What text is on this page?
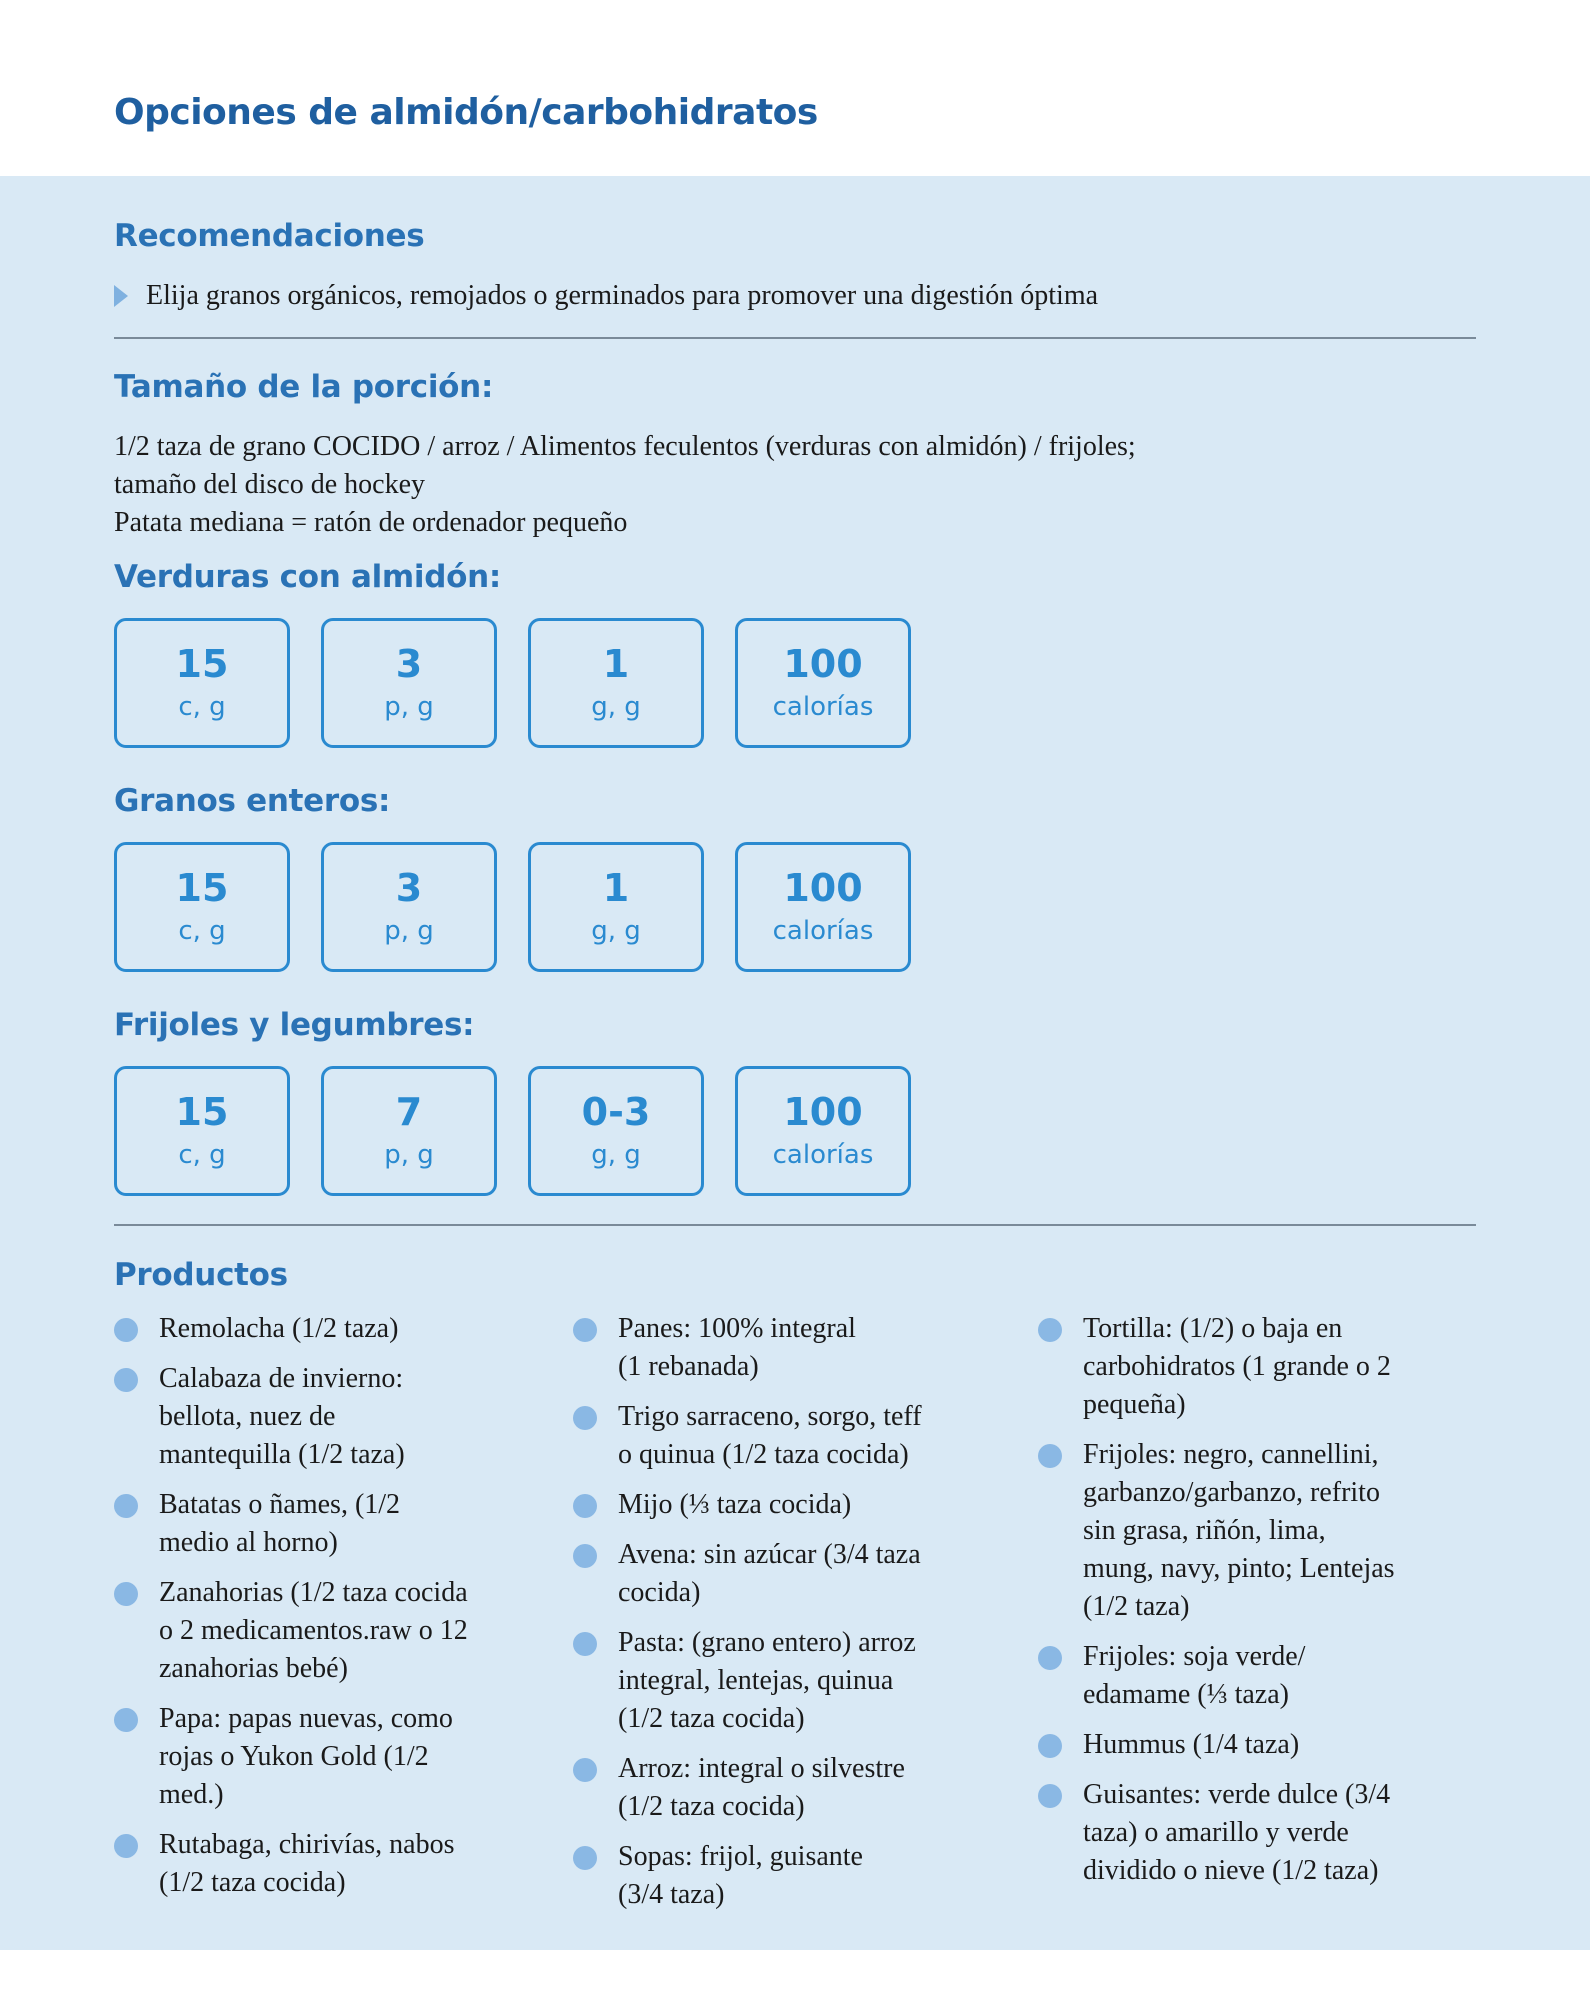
Opciones de almidón/carbohidratos
Recomendaciones
Elija granos orgánicos, remojados o germinados para promover una digestión óptima
Tamaño de la porción:
1/2 taza de grano COCIDO / arroz / Alimentos feculentos (verduras con almidón) / frijoles;
tamaño del disco de hockey
Patata mediana = ratón de ordenador pequeño
Verduras con almidón:
15
c, g
3
p, g
1
g, g
100
calorías
Granos enteros:
15
c, g
3
p, g
1
g, g
100
calorías
Frijoles y legumbres:
15
c, g
7
p, g
0-3
g, g
100
calorías
Productos
Remolacha (1/2 taza)
Calabaza de invierno:
bellota, nuez de
mantequilla (1/2 taza)
Batatas o ñames, (1/2
medio al horno)
Zanahorias (1/2 taza cocida
o 2 medicamentos.raw o 12
zanahorias bebé)
Papa: papas nuevas, como
rojas o Yukon Gold (1/2
med.)
Rutabaga, chirivías, nabos
(1/2 taza cocida)
Panes: 100% integral
(1 rebanada)
Trigo sarraceno, sorgo, teff
o quinua (1/2 taza cocida)
Mijo (⅓ taza cocida)
Avena: sin azúcar (3/4 taza
cocida)
Pasta: (grano entero) arroz
integral, lentejas, quinua
(1/2 taza cocida)
Arroz: integral o silvestre
(1/2 taza cocida)
Sopas: frijol, guisante
(3/4 taza)
Tortilla: (1/2) o baja en
carbohidratos (1 grande o 2
pequeña)
Frijoles: negro, cannellini,
garbanzo/garbanzo, refrito
sin grasa, riñón, lima,
mung, navy, pinto; Lentejas
(1/2 taza)
Frijoles: soja verde/
edamame (⅓ taza)
Hummus (1/4 taza)
Guisantes: verde dulce (3/4
taza) o amarillo y verde
dividido o nieve (1/2 taza)
